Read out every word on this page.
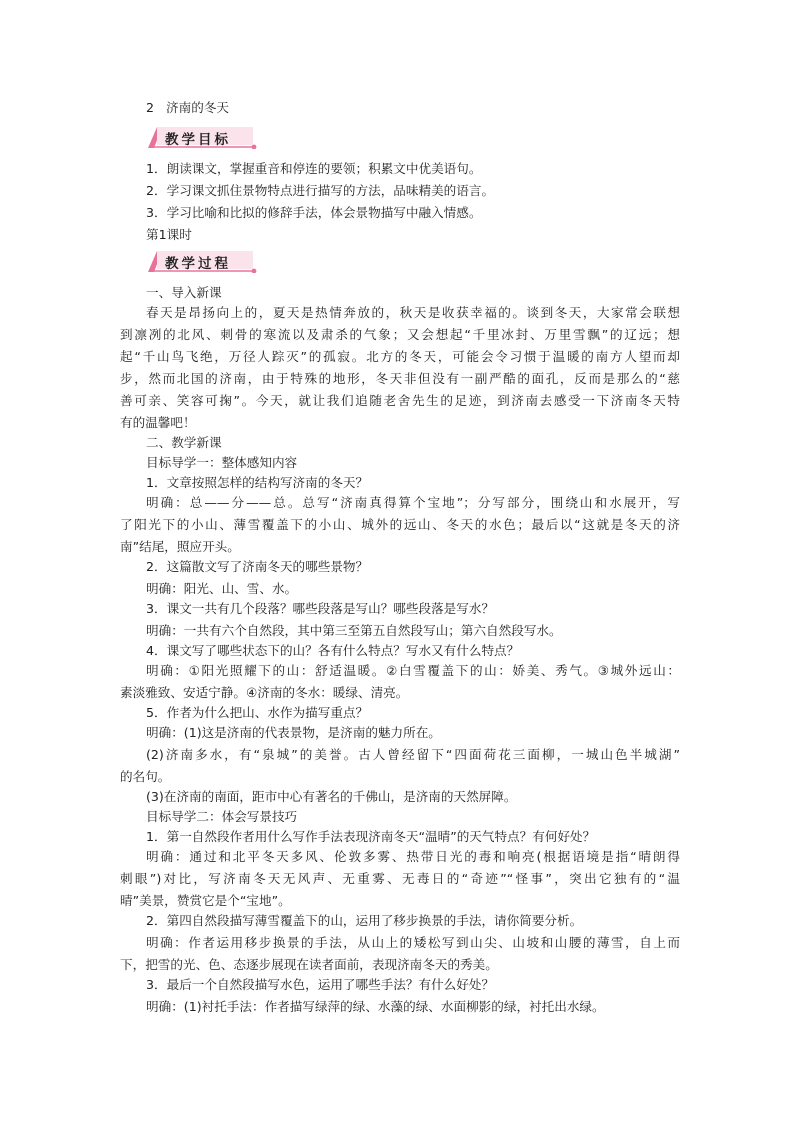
2 济南的冬天
教学目标
1．朗读课文，掌握重音和停连的要领；积累文中优美语句。
2．学习课文抓住景物特点进行描写的方法，品味精美的语言。
3．学习比喻和比拟的修辞手法，体会景物描写中融入情感。
第1课时
教学过程
一、导入新课
春天是昂扬向上的，夏天是热情奔放的，秋天是收获幸福的。谈到冬天，大家常会联想
到凛冽的北风、刺骨的寒流以及肃杀的气象；又会想起“千里冰封、万里雪飘”的辽远；想
起“千山鸟飞绝，万径人踪灭”的孤寂。北方的冬天，可能会令习惯于温暖的南方人望而却
步，然而北国的济南，由于特殊的地形，冬天非但没有一副严酷的面孔，反而是那么的“慈
善可亲、笑容可掬”。今天，就让我们追随老舍先生的足迹，到济南去感受一下济南冬天特
有的温馨吧！
二、教学新课
目标导学一：整体感知内容
1．文章按照怎样的结构写济南的冬天？
明确：总——分——总。总写“济南真得算个宝地”；分写部分，围绕山和水展开，写
了阳光下的小山、薄雪覆盖下的小山、城外的远山、冬天的水色；最后以“这就是冬天的济
南”结尾，照应开头。
2．这篇散文写了济南冬天的哪些景物？
明确：阳光、山、雪、水。
3．课文一共有几个段落？哪些段落是写山？哪些段落是写水？
明确：一共有六个自然段，其中第三至第五自然段写山；第六自然段写水。
4．课文写了哪些状态下的山？各有什么特点？写水又有什么特点？
明确：①阳光照耀下的山：舒适温暖。②白雪覆盖下的山：娇美、秀气。③城外远山：
素淡雅致、安适宁静。④济南的冬水：暖绿、清亮。
5．作者为什么把山、水作为描写重点？
明确：(1)这是济南的代表景物，是济南的魅力所在。
(2)济南多水，有“泉城”的美誉。古人曾经留下“四面荷花三面柳，一城山色半城湖”
的名句。
(3)在济南的南面，距市中心有著名的千佛山，是济南的天然屏障。
目标导学二：体会写景技巧
1．第一自然段作者用什么写作手法表现济南冬天“温晴”的天气特点？有何好处？
明确：通过和北平冬天多风、伦敦多雾、热带日光的毒和响亮(根据语境是指“晴朗得
刺眼”)对比，写济南冬天无风声、无重雾、无毒日的“奇迹”“怪事”，突出它独有的“温
晴”美景，赞赏它是个“宝地”。
2．第四自然段描写薄雪覆盖下的山，运用了移步换景的手法，请你简要分析。
明确：作者运用移步换景的手法，从山上的矮松写到山尖、山坡和山腰的薄雪，自上而
下，把雪的光、色、态逐步展现在读者面前，表现济南冬天的秀美。
3．最后一个自然段描写水色，运用了哪些手法？有什么好处？
明确：(1)衬托手法：作者描写绿萍的绿、水藻的绿、水面柳影的绿，衬托出水绿。
